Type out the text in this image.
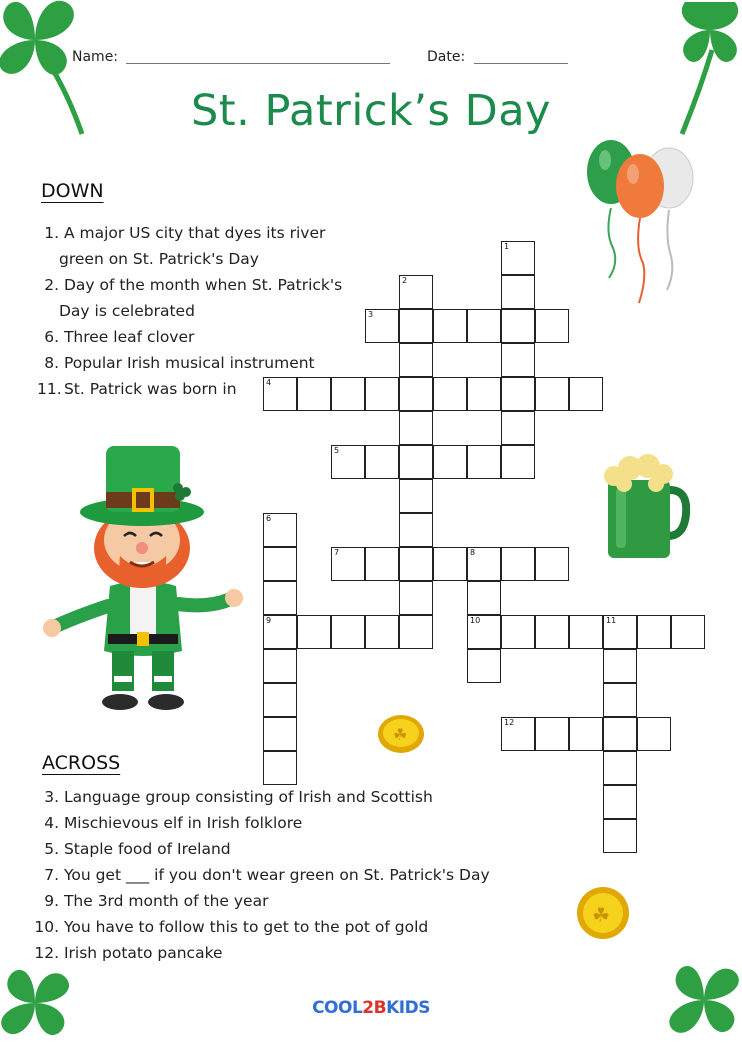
Name:	Date:
St. Patrick’s Day
☘
☘
DOWN
1. A major US city that dyes its river
green on St. Patrick's Day
2. Day of the month when St. Patrick's
Day is celebrated
6. Three leaf clover
8. Popular Irish musical instrument
11. St. Patrick was born in
ACROSS
3. Language group consisting of Irish and Scottish
4. Mischievous elf in Irish folklore
5. Staple food of Ireland
7. You get ___ if you don't wear green on St. Patrick's Day
9. The 3rd month of the year
10. You have to follow this to get to the pot of gold
12. Irish potato pancake
1
2
6
9
8
10	11
3
4
5
7
12
COOL2BKIDS
